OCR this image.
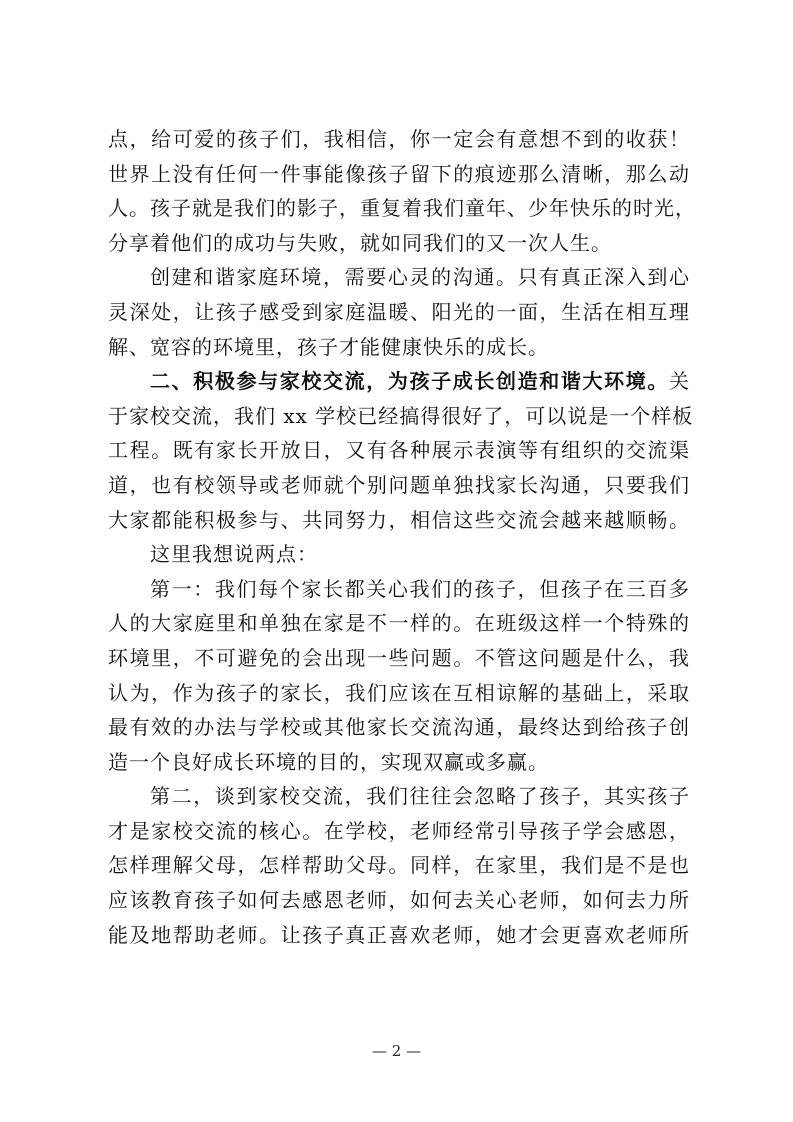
点，给可爱的孩子们，我相信，你一定会有意想不到的收获！
世界上没有任何一件事能像孩子留下的痕迹那么清晰，那么动
人。孩子就是我们的影子，重复着我们童年、少年快乐的时光，
分享着他们的成功与失败，就如同我们的又一次人生。
创建和谐家庭环境，需要心灵的沟通。只有真正深入到心
灵深处，让孩子感受到家庭温暖、阳光的一面，生活在相互理
解、宽容的环境里，孩子才能健康快乐的成长。
二、积极参与家校交流，为孩子成长创造和谐大环境。关
于家校交流，我们 xx 学校已经搞得很好了，可以说是一个样板
工程。既有家长开放日，又有各种展示表演等有组织的交流渠
道，也有校领导或老师就个别问题单独找家长沟通，只要我们
大家都能积极参与、共同努力，相信这些交流会越来越顺畅。
这里我想说两点：
第一：我们每个家长都关心我们的孩子，但孩子在三百多
人的大家庭里和单独在家是不一样的。在班级这样一个特殊的
环境里，不可避免的会出现一些问题。不管这问题是什么，我
认为，作为孩子的家长，我们应该在互相谅解的基础上，采取
最有效的办法与学校或其他家长交流沟通，最终达到给孩子创
造一个良好成长环境的目的，实现双赢或多赢。
第二，谈到家校交流，我们往往会忽略了孩子，其实孩子
才是家校交流的核心。在学校，老师经常引导孩子学会感恩，
怎样理解父母，怎样帮助父母。同样，在家里，我们是不是也
应该教育孩子如何去感恩老师，如何去关心老师，如何去力所
能及地帮助老师。让孩子真正喜欢老师，她才会更喜欢老师所
— 2 —
